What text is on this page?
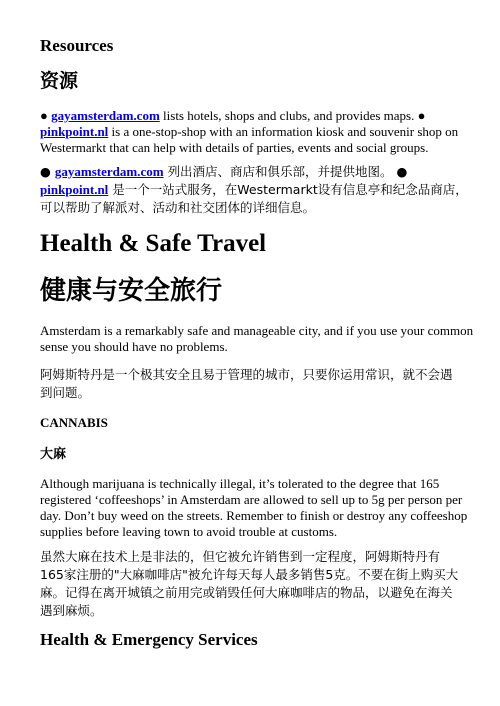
Resources
资源
● gayamsterdam.com lists hotels, shops and clubs, and provides maps. ●
pinkpoint.nl is a one-stop-shop with an information kiosk and souvenir shop on
Westermarkt that can help with details of parties, events and social groups.
● gayamsterdam.com 列出酒店、商店和俱乐部，并提供地图。 ●
pinkpoint.nl 是一个一站式服务，在Westermarkt设有信息亭和纪念品商店，
可以帮助了解派对、活动和社交团体的详细信息。
Health & Safe Travel
健康与安全旅行
Amsterdam is a remarkably safe and manageable city, and if you use your common
sense you should have no problems.
阿姆斯特丹是一个极其安全且易于管理的城市，只要你运用常识，就不会遇
到问题。
CANNABIS
大麻
Although marijuana is technically illegal, it’s tolerated to the degree that 165
registered ‘coffeeshops’ in Amsterdam are allowed to sell up to 5g per person per
day. Don’t buy weed on the streets. Remember to finish or destroy any coffeeshop
supplies before leaving town to avoid trouble at customs.
虽然大麻在技术上是非法的，但它被允许销售到一定程度，阿姆斯特丹有
165家注册的"大麻咖啡店"被允许每天每人最多销售5克。不要在街上购买大
麻。记得在离开城镇之前用完或销毁任何大麻咖啡店的物品，以避免在海关
遇到麻烦。
Health & Emergency Services
